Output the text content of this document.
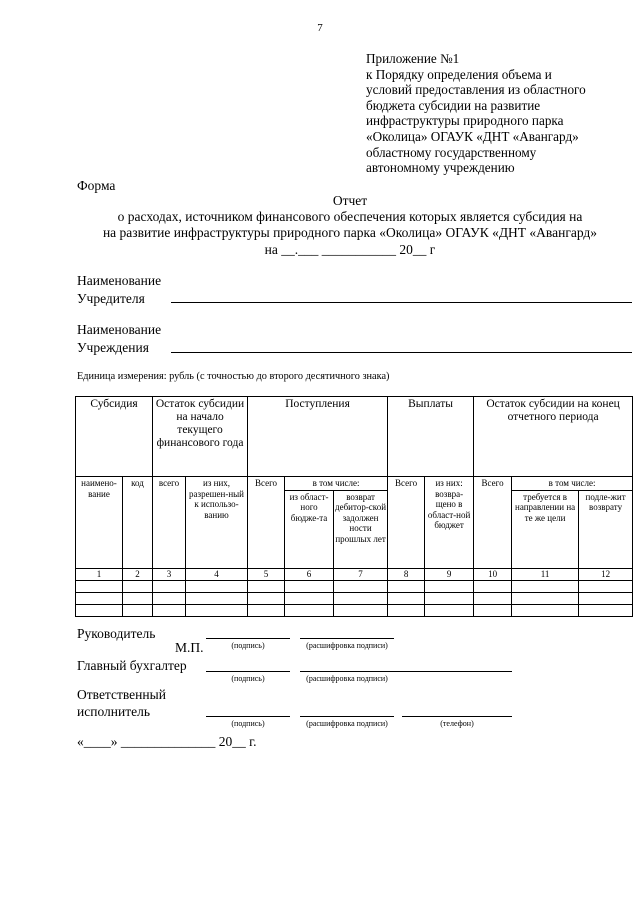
7
Приложение №1
к Порядку определения объема и
условий предоставления из областного
бюджета субсидии на развитие
инфраструктуры природного парка
«Околица» ОГАУК «ДНТ «Авангард»
областному государственному
автономному учреждению
Форма
Отчет
о расходах, источником финансового обеспечения которых является субсидия на
на развитие инфраструктуры природного парка «Околица» ОГАУК «ДНТ «Авангард»
на __.___ ___________ 20__ г
Наименование
Учредителя
Наименование
Учреждения
Единица измерения: рубль (с точностью до второго десятичного знака)
Субсидия		Остаток субсидии на начало текущего финансового года		Поступления			Выплаты		Остаток субсидии на конец отчетного периода		
наимено-вание	код	всего	из них, разрешен-ный к использо-ванию	Всего	в том числе:		Всего	из них: возвра-щено в област-ной бюджет	Всего	в том числе:	
					из област-ного бюдже-та	возврат дебитор-ской задолжен ности прошлых лет				требуется в направлении на те же цели	подле-жит возврату
1	2	3	4	5	6	7	8	9	10	11	12

Руководитель
М.П.	(подпись)	(расшифровка подписи)
Главный бухгалтер
(подпись)	(расшифровка подписи)
Ответственный
исполнитель
(подпись)	(расшифровка подписи)	(телефон)
«____» ______________ 20__ г.
